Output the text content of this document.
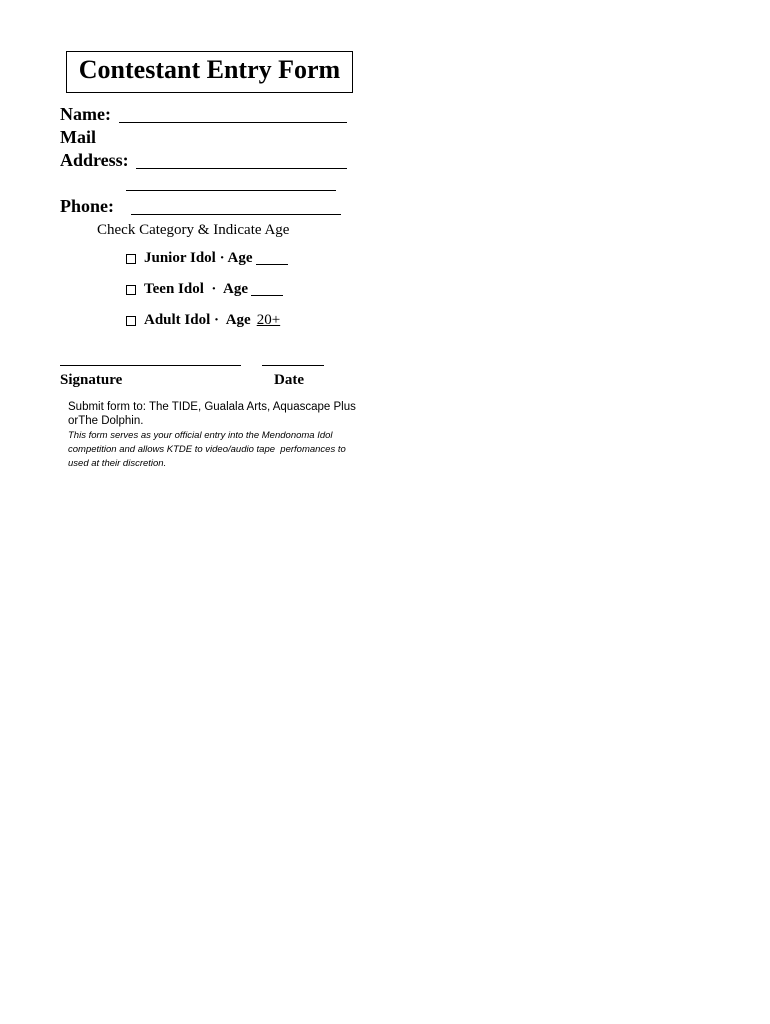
Contestant Entry Form
Name:
Mail
Address:
Phone:
Check Category & Indicate Age
Junior Idol · Age
Teen Idol  ·  Age
Adult Idol ·  Age 20+
Signature	Date
Submit form to: The TIDE, Gualala Arts, Aquascape Plus
orThe Dolphin.
This form serves as your official entry into the Mendonoma Idol
competition and allows KTDE to video/audio tape  perfomances to
used at their discretion.
